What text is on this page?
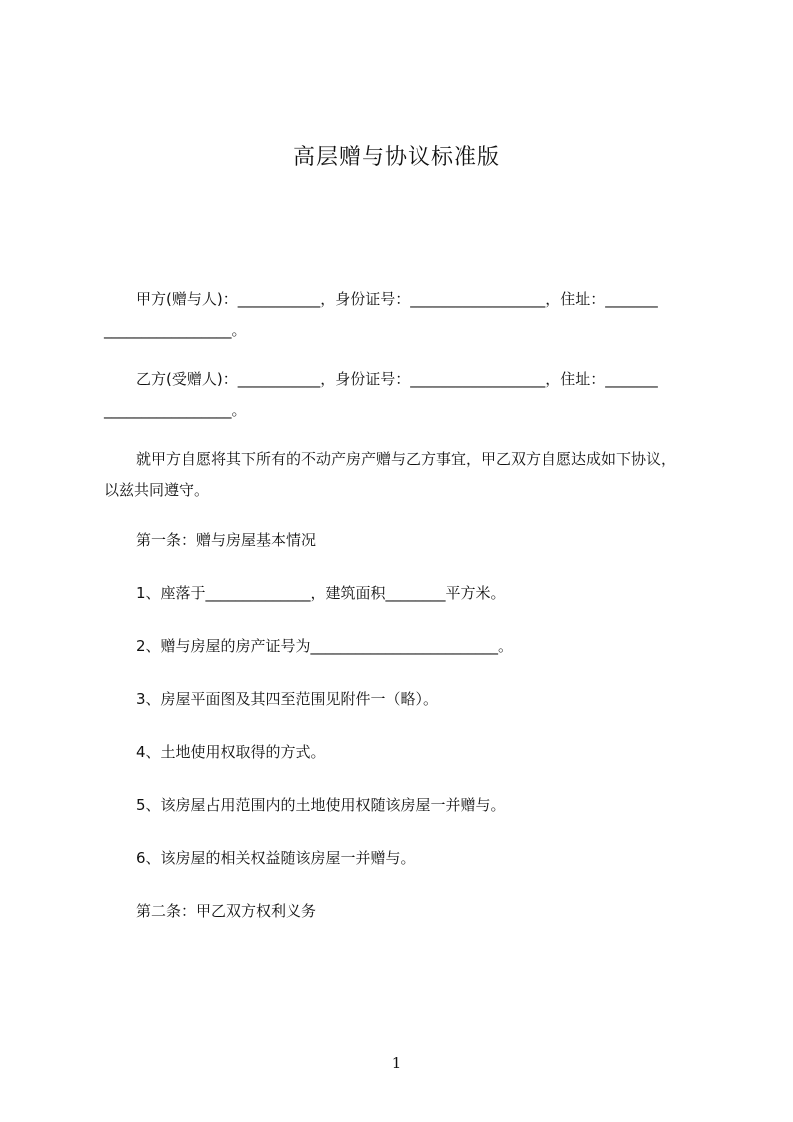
高层赠与协议标准版
甲方(赠与人)：___________，身份证号：__________________，住址：_______
_________________。
乙方(受赠人)：___________，身份证号：__________________，住址：_______
_________________。
就甲方自愿将其下所有的不动产房产赠与乙方事宜，甲乙双方自愿达成如下协议，
以兹共同遵守。
第一条：赠与房屋基本情况
1、座落于______________，建筑面积________平方米。
2、赠与房屋的房产证号为_________________________。
3、房屋平面图及其四至范围见附件一（略）。
4、土地使用权取得的方式。
5、该房屋占用范围内的土地使用权随该房屋一并赠与。
6、该房屋的相关权益随该房屋一并赠与。
第二条：甲乙双方权利义务
1
